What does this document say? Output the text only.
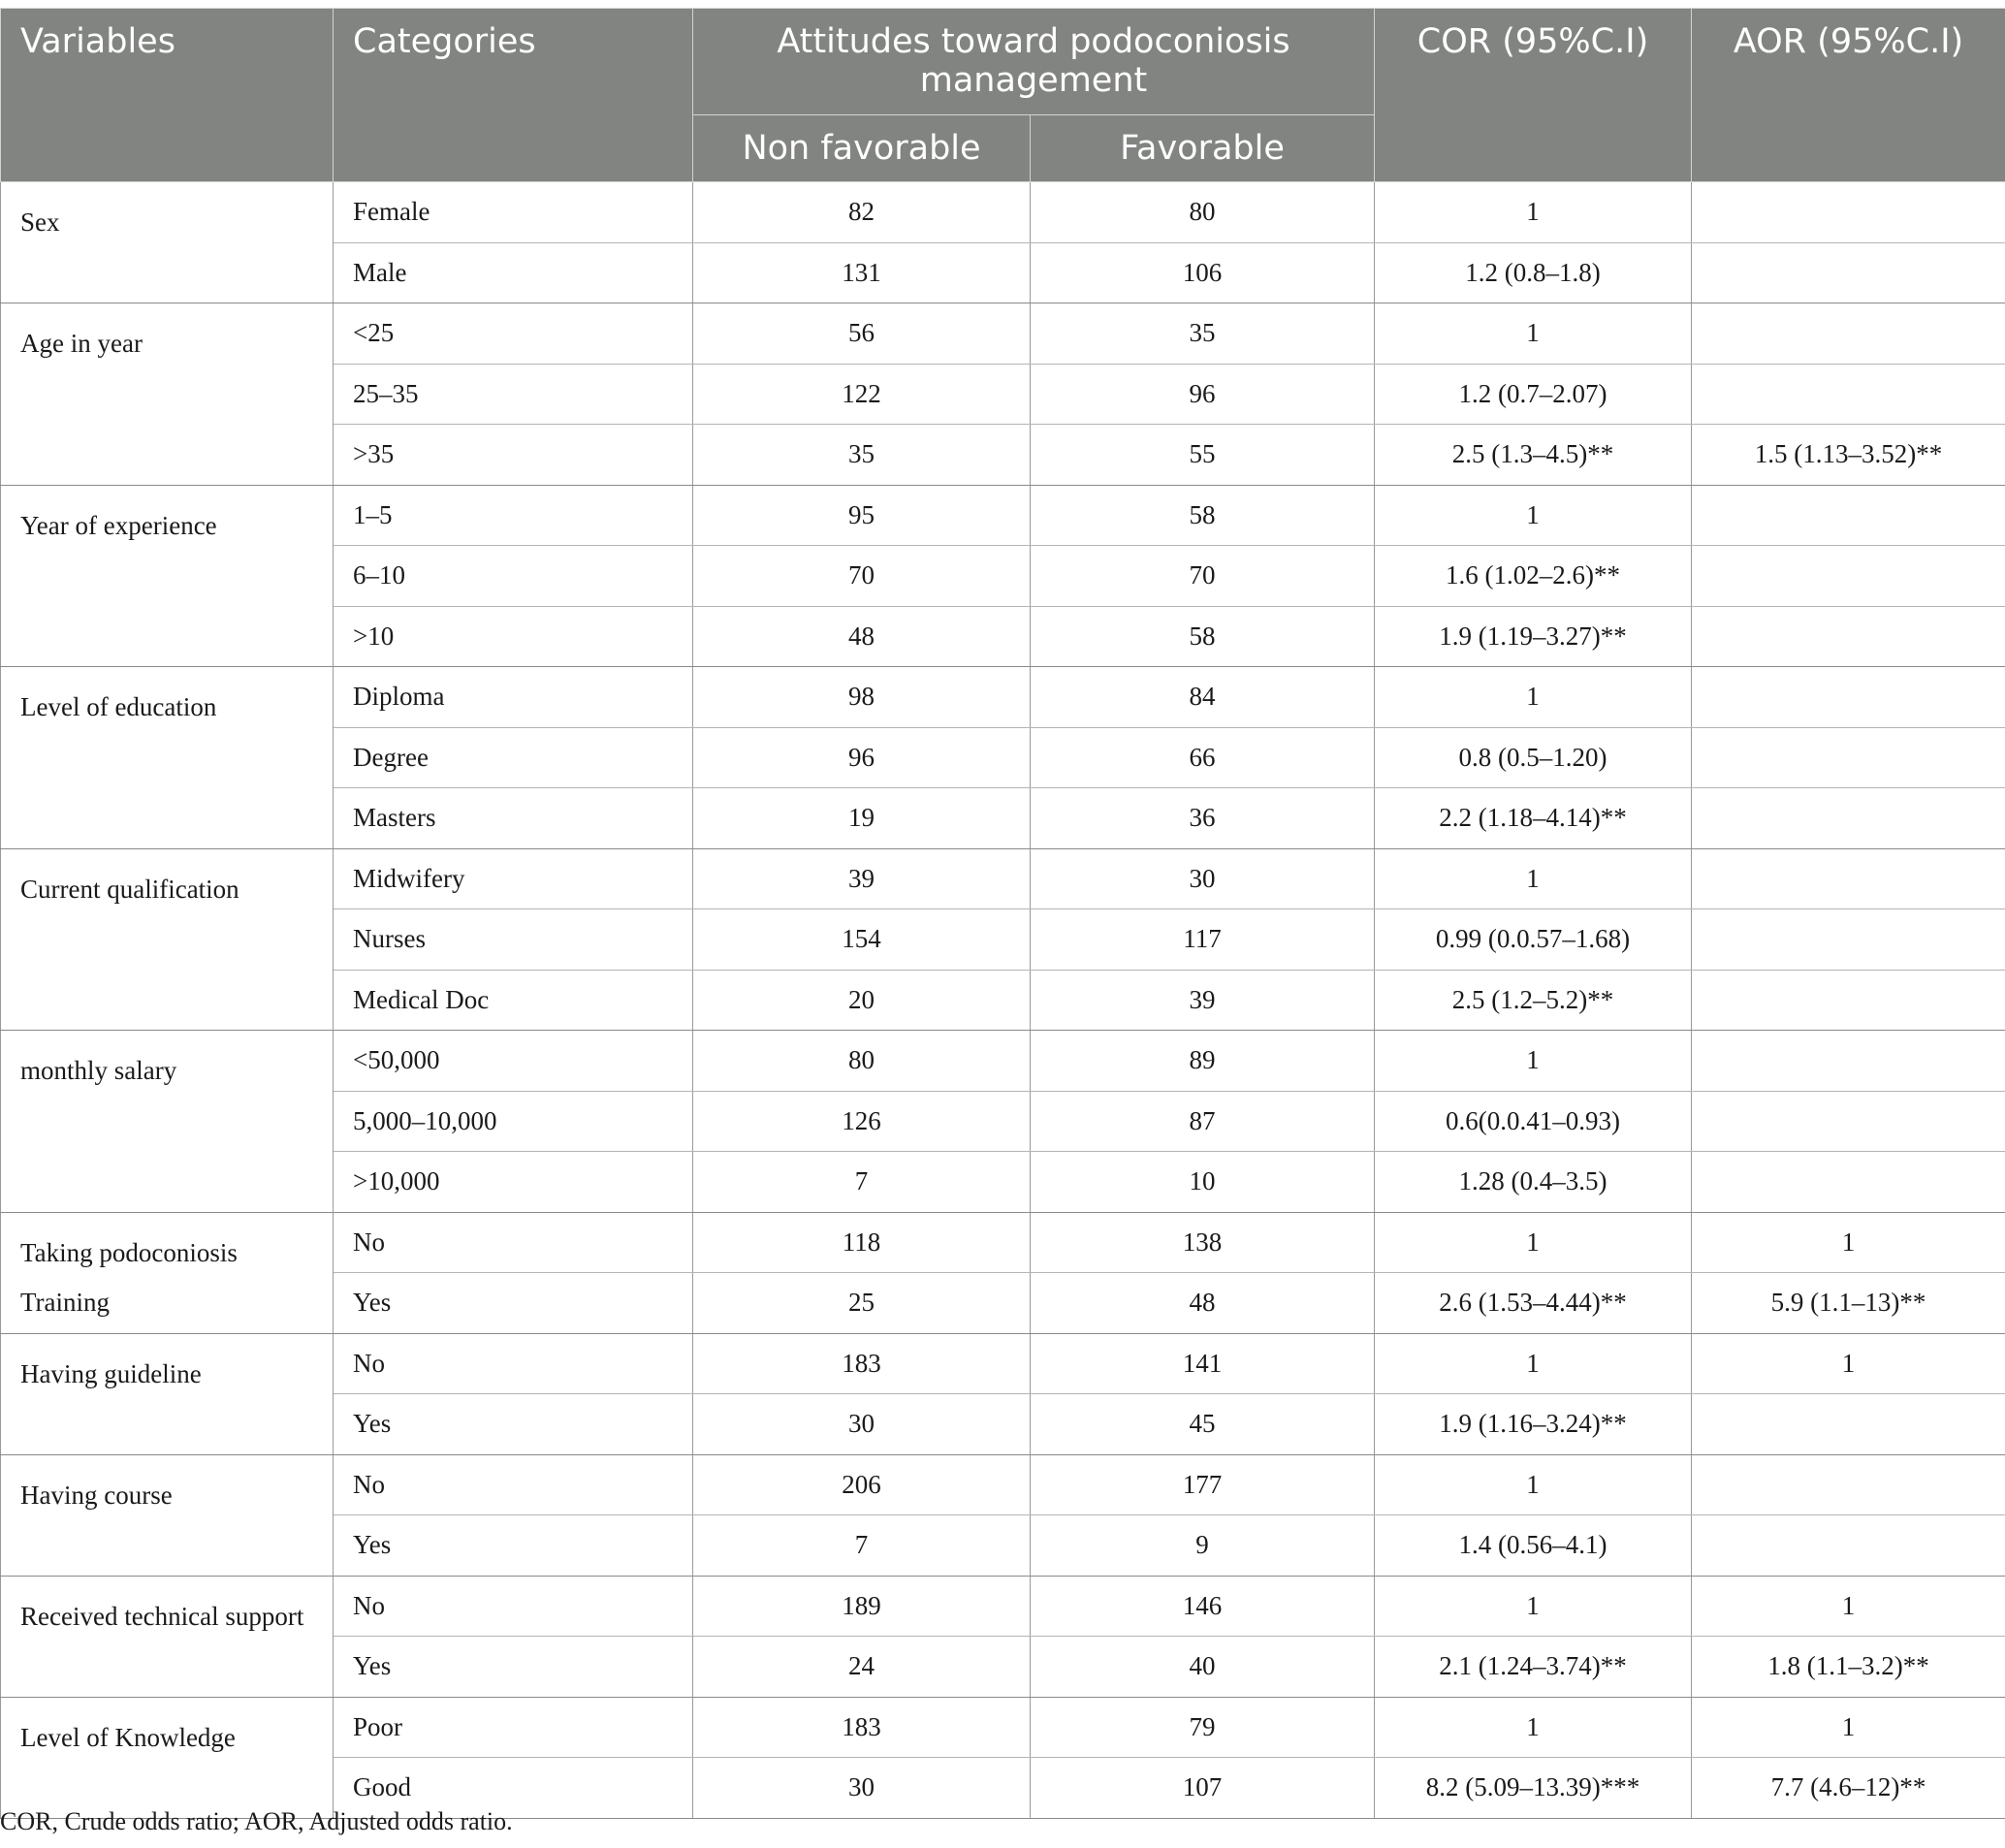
Variables	Categories	Attitudes toward podoconiosis management		COR (95%C.I)	AOR (95%C.I)
		Non favorable	Favorable		
Sex	Female	82	80	1	
	Male	131	106	1.2 (0.8–1.8)	
Age in year	<25	56	35	1	
	25–35	122	96	1.2 (0.7–2.07)	
	>35	35	55	2.5 (1.3–4.5)**	1.5 (1.13–3.52)**
Year of experience	1–5	95	58	1	
	6–10	70	70	1.6 (1.02–2.6)**	
	>10	48	58	1.9 (1.19–3.27)**	
Level of education	Diploma	98	84	1	
	Degree	96	66	0.8 (0.5–1.20)	
	Masters	19	36	2.2 (1.18–4.14)**	
Current qualification	Midwifery	39	30	1	
	Nurses	154	117	0.99 (0.0.57–1.68)	
	Medical Doc	20	39	2.5 (1.2–5.2)**	
monthly salary	<50,000	80	89	1	
	5,000–10,000	126	87	0.6(0.0.41–0.93)	
	>10,000	7	10	1.28 (0.4–3.5)	
Taking podoconiosis Training	No	118	138	1	1
	Yes	25	48	2.6 (1.53–4.44)**	5.9 (1.1–13)**
Having guideline	No	183	141	1	1
	Yes	30	45	1.9 (1.16–3.24)**	
Having course	No	206	177	1	
	Yes	7	9	1.4 (0.56–4.1)	
Received technical support	No	189	146	1	1
	Yes	24	40	2.1 (1.24–3.74)**	1.8 (1.1–3.2)**
Level of Knowledge	Poor	183	79	1	1
	Good	30	107	8.2 (5.09–13.39)***	7.7 (4.6–12)**
COR, Crude odds ratio; AOR, Adjusted odds ratio.
